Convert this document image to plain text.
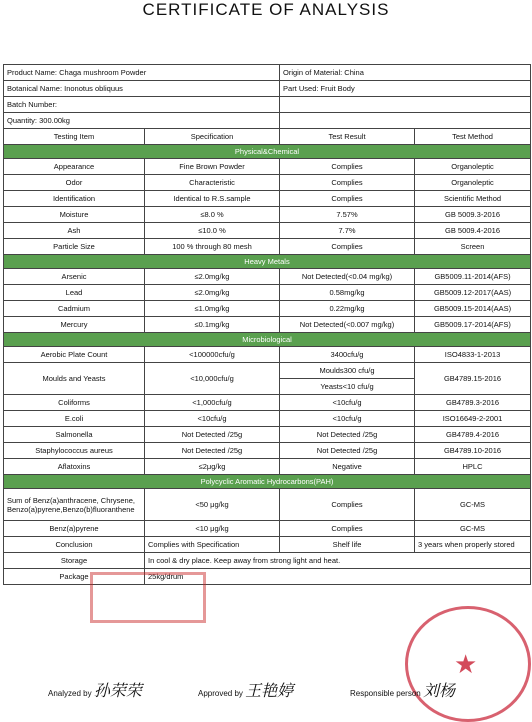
CERTIFICATE OF ANALYSIS
Product Name: Chaga mushroom Powder		Origin of Material: China	
Botanical Name: Inonotus obliquus		Part Used: Fruit Body	
Batch Number:			
Quantity: 300.00kg			
Testing Item	Specification	Test Result	Test Method
Physical&Chemical			
Appearance	Fine Brown Powder	Complies	Organoleptic
Odor	Characteristic	Complies	Organoleptic
Identification	Identical to R.S.sample	Complies	Scientific Method
Moisture	≤8.0 %	7.57%	GB 5009.3-2016
Ash	≤10.0 %	7.7%	GB 5009.4-2016
Particle Size	100 % through 80 mesh	Complies	Screen
Heavy Metals			
Arsenic	≤2.0mg/kg	Not Detected(<0.04 mg/kg)	GB5009.11-2014(AFS)
Lead	≤2.0mg/kg	0.58mg/kg	GB5009.12-2017(AAS)
Cadmium	≤1.0mg/kg	0.22mg/kg	GB5009.15-2014(AAS)
Mercury	≤0.1mg/kg	Not Detected(<0.007 mg/kg)	GB5009.17-2014(AFS)
Microbiological			
Aerobic Plate Count	<100000cfu/g	3400cfu/g	ISO4833-1-2013
Moulds and Yeasts	<10,000cfu/g	Moulds300 cfu/g	GB4789.15-2016
		Yeasts<10 cfu/g	
Coliforms	<1,000cfu/g	<10cfu/g	GB4789.3-2016
E.coli	<10cfu/g	<10cfu/g	ISO16649-2-2001
Salmonella	Not Detected /25g	Not Detected /25g	GB4789.4-2016
Staphylococcus aureus	Not Detected /25g	Not Detected /25g	GB4789.10-2016
Aflatoxins	≤2μg/kg	Negative	HPLC
Polycyclic Aromatic Hydrocarbons(PAH)			
Sum of Benz(a)anthracene, Chrysene, Benzo(a)pyrene,Benzo(b)fluoranthene	<50 μg/kg	Complies	GC-MS
Benz(a)pyrene	<10 μg/kg	Complies	GC-MS
Conclusion	Complies with Specification	Shelf life	3 years when properly stored
Storage	In cool & dry place. Keep away from strong light and heat.		
Package	25kg/drum		
★
Analyzed by 孙荣荣	Approved by 王艳婷	Responsible person 刘杨
